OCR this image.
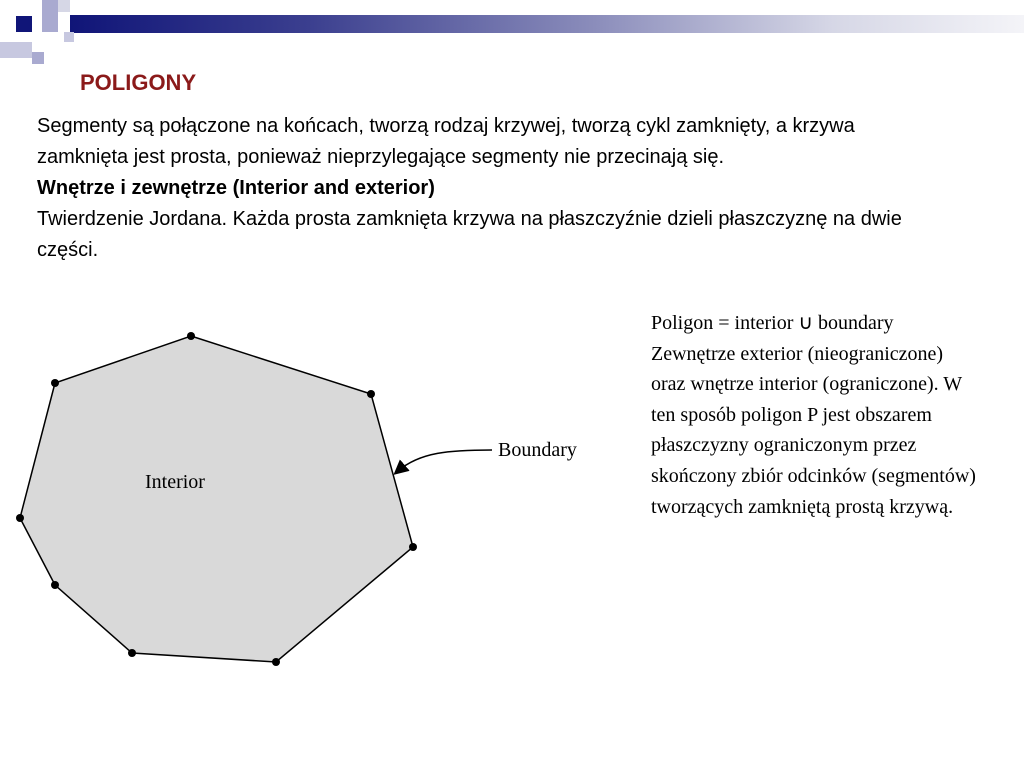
POLIGONY

Segmenty są połączone na końcach, tworzą rodzaj krzywej, tworzą cykl zamknięty, a krzywa zamknięta jest prosta, ponieważ nieprzylegające segmenty nie przecinają się.

Wnętrze i zewnętrze (Interior and exterior)

Twierdzenie Jordana. Każda prosta zamknięta krzywa na płaszczyźnie dzieli płaszczyznę na dwie części.

Interior
Boundary

Poligon = interior ∪ boundary

Zewnętrze exterior (nieograniczone) oraz wnętrze interior (ograniczone). W ten sposób poligon P jest obszarem płaszczyzny ograniczonym przez skończony zbiór odcinków (segmentów) tworzących zamkniętą prostą krzywą.
